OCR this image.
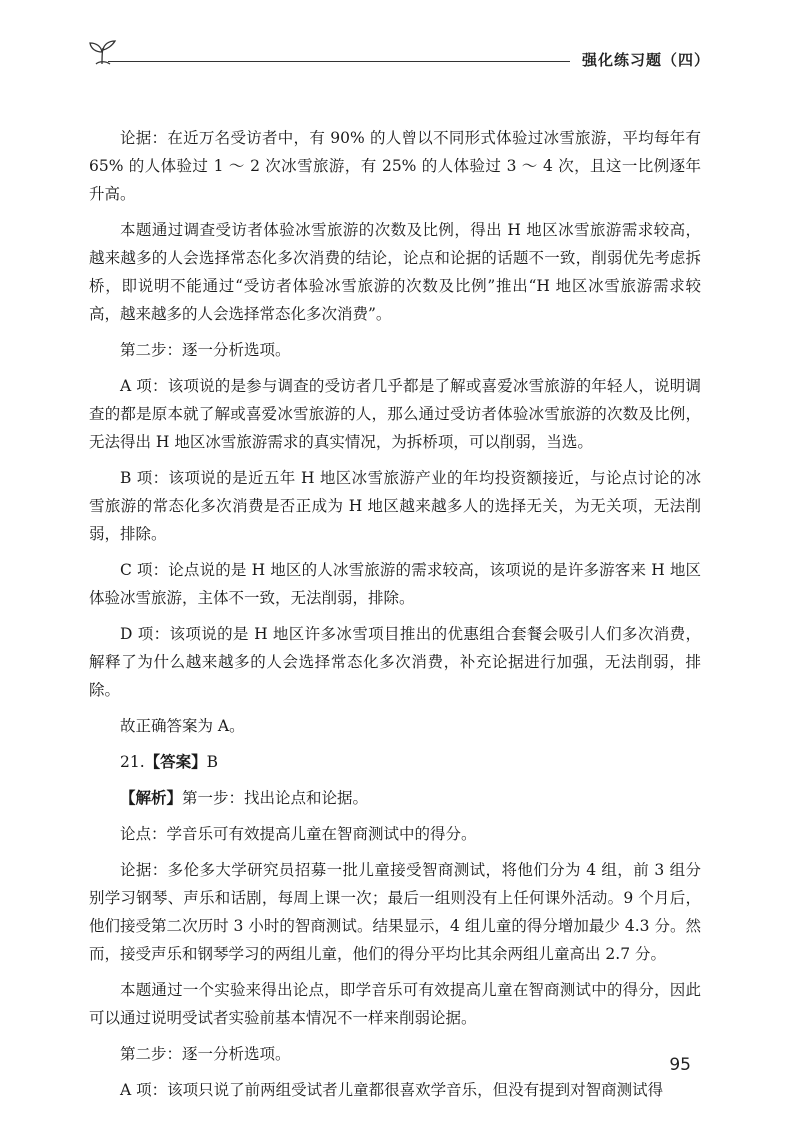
强化练习题（四）

论据：在近万名受访者中，有 90% 的人曾以不同形式体验过冰雪旅游，平均每年有 65% 的人体验过 1 ～ 2 次冰雪旅游，有 25% 的人体验过 3 ～ 4 次，且这一比例逐年升高。

本题通过调查受访者体验冰雪旅游的次数及比例，得出 H 地区冰雪旅游需求较高，越来越多的人会选择常态化多次消费的结论，论点和论据的话题不一致，削弱优先考虑拆桥，即说明不能通过“受访者体验冰雪旅游的次数及比例”推出“H 地区冰雪旅游需求较高，越来越多的人会选择常态化多次消费”。

第二步：逐一分析选项。

A 项：该项说的是参与调查的受访者几乎都是了解或喜爱冰雪旅游的年轻人，说明调查的都是原本就了解或喜爱冰雪旅游的人，那么通过受访者体验冰雪旅游的次数及比例，无法得出 H 地区冰雪旅游需求的真实情况，为拆桥项，可以削弱，当选。

B 项：该项说的是近五年 H 地区冰雪旅游产业的年均投资额接近，与论点讨论的冰雪旅游的常态化多次消费是否正成为 H 地区越来越多人的选择无关，为无关项，无法削弱，排除。

C 项：论点说的是 H 地区的人冰雪旅游的需求较高，该项说的是许多游客来 H 地区体验冰雪旅游，主体不一致，无法削弱，排除。

D 项：该项说的是 H 地区许多冰雪项目推出的优惠组合套餐会吸引人们多次消费，解释了为什么越来越多的人会选择常态化多次消费，补充论据进行加强，无法削弱，排除。

故正确答案为 A。

21.【答案】B

【解析】第一步：找出论点和论据。

论点：学音乐可有效提高儿童在智商测试中的得分。

论据：多伦多大学研究员招募一批儿童接受智商测试，将他们分为 4 组，前 3 组分别学习钢琴、声乐和话剧，每周上课一次；最后一组则没有上任何课外活动。9 个月后，他们接受第二次历时 3 小时的智商测试。结果显示，4 组儿童的得分增加最少 4.3 分。然而，接受声乐和钢琴学习的两组儿童，他们的得分平均比其余两组儿童高出 2.7 分。

本题通过一个实验来得出论点，即学音乐可有效提高儿童在智商测试中的得分，因此可以通过说明受试者实验前基本情况不一样来削弱论据。

第二步：逐一分析选项。

A 项：该项只说了前两组受试者儿童都很喜欢学音乐，但没有提到对智商测试得

95
